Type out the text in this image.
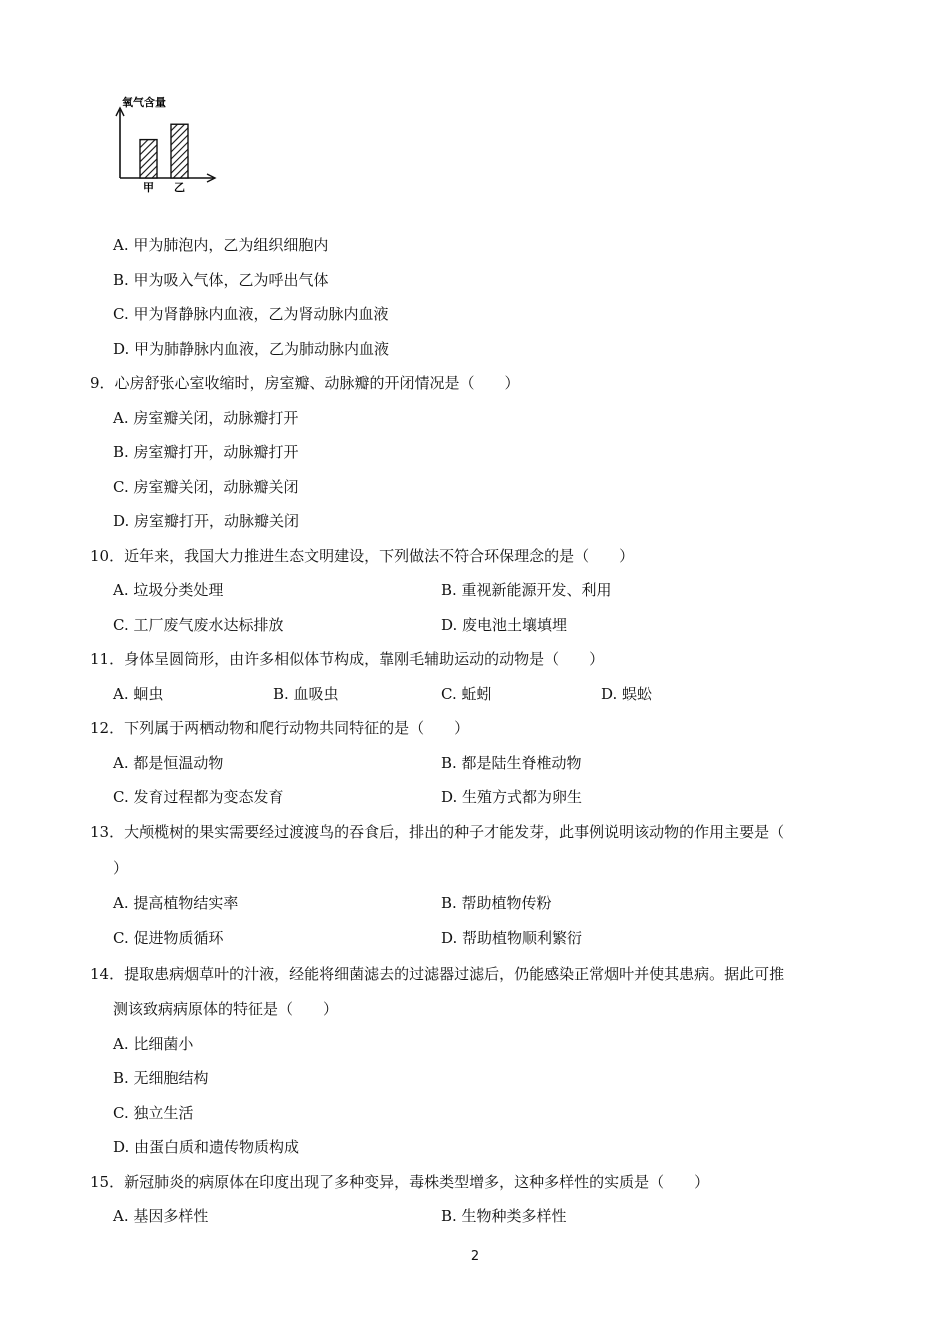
氧气含量
甲 乙
A. 甲为肺泡内，乙为组织细胞内
B. 甲为吸入气体，乙为呼出气体
C. 甲为肾静脉内血液，乙为肾动脉内血液
D. 甲为肺静脉内血液，乙为肺动脉内血液
9．心房舒张心室收缩时，房室瓣、动脉瓣的开闭情况是（　　）
A. 房室瓣关闭，动脉瓣打开
B. 房室瓣打开，动脉瓣打开
C. 房室瓣关闭，动脉瓣关闭
D. 房室瓣打开，动脉瓣关闭
10．近年来，我国大力推进生态文明建设，下列做法不符合环保理念的是（　　）
A. 垃圾分类处理	B. 重视新能源开发、利用
C. 工厂废气废水达标排放	D. 废电池土壤填埋
11．身体呈圆筒形，由许多相似体节构成，靠刚毛辅助运动的动物是（　　）
A. 蛔虫	B. 血吸虫	C. 蚯蚓	D. 蜈蚣
12．下列属于两栖动物和爬行动物共同特征的是（　　）
A. 都是恒温动物	B. 都是陆生脊椎动物
C. 发育过程都为变态发育	D. 生殖方式都为卵生
13．大颅榄树的果实需要经过渡渡鸟的吞食后，排出的种子才能发芽，此事例说明该动物的作用主要是（
）
A. 提高植物结实率	B. 帮助植物传粉
C. 促进物质循环	D. 帮助植物顺利繁衍
14．提取患病烟草叶的汁液，经能将细菌滤去的过滤器过滤后，仍能感染正常烟叶并使其患病。据此可推
测该致病病原体的特征是（　　）
A. 比细菌小
B. 无细胞结构
C. 独立生活
D. 由蛋白质和遗传物质构成
15．新冠肺炎的病原体在印度出现了多种变异，毒株类型增多，这种多样性的实质是（　　）
A. 基因多样性	B. 生物种类多样性
2
